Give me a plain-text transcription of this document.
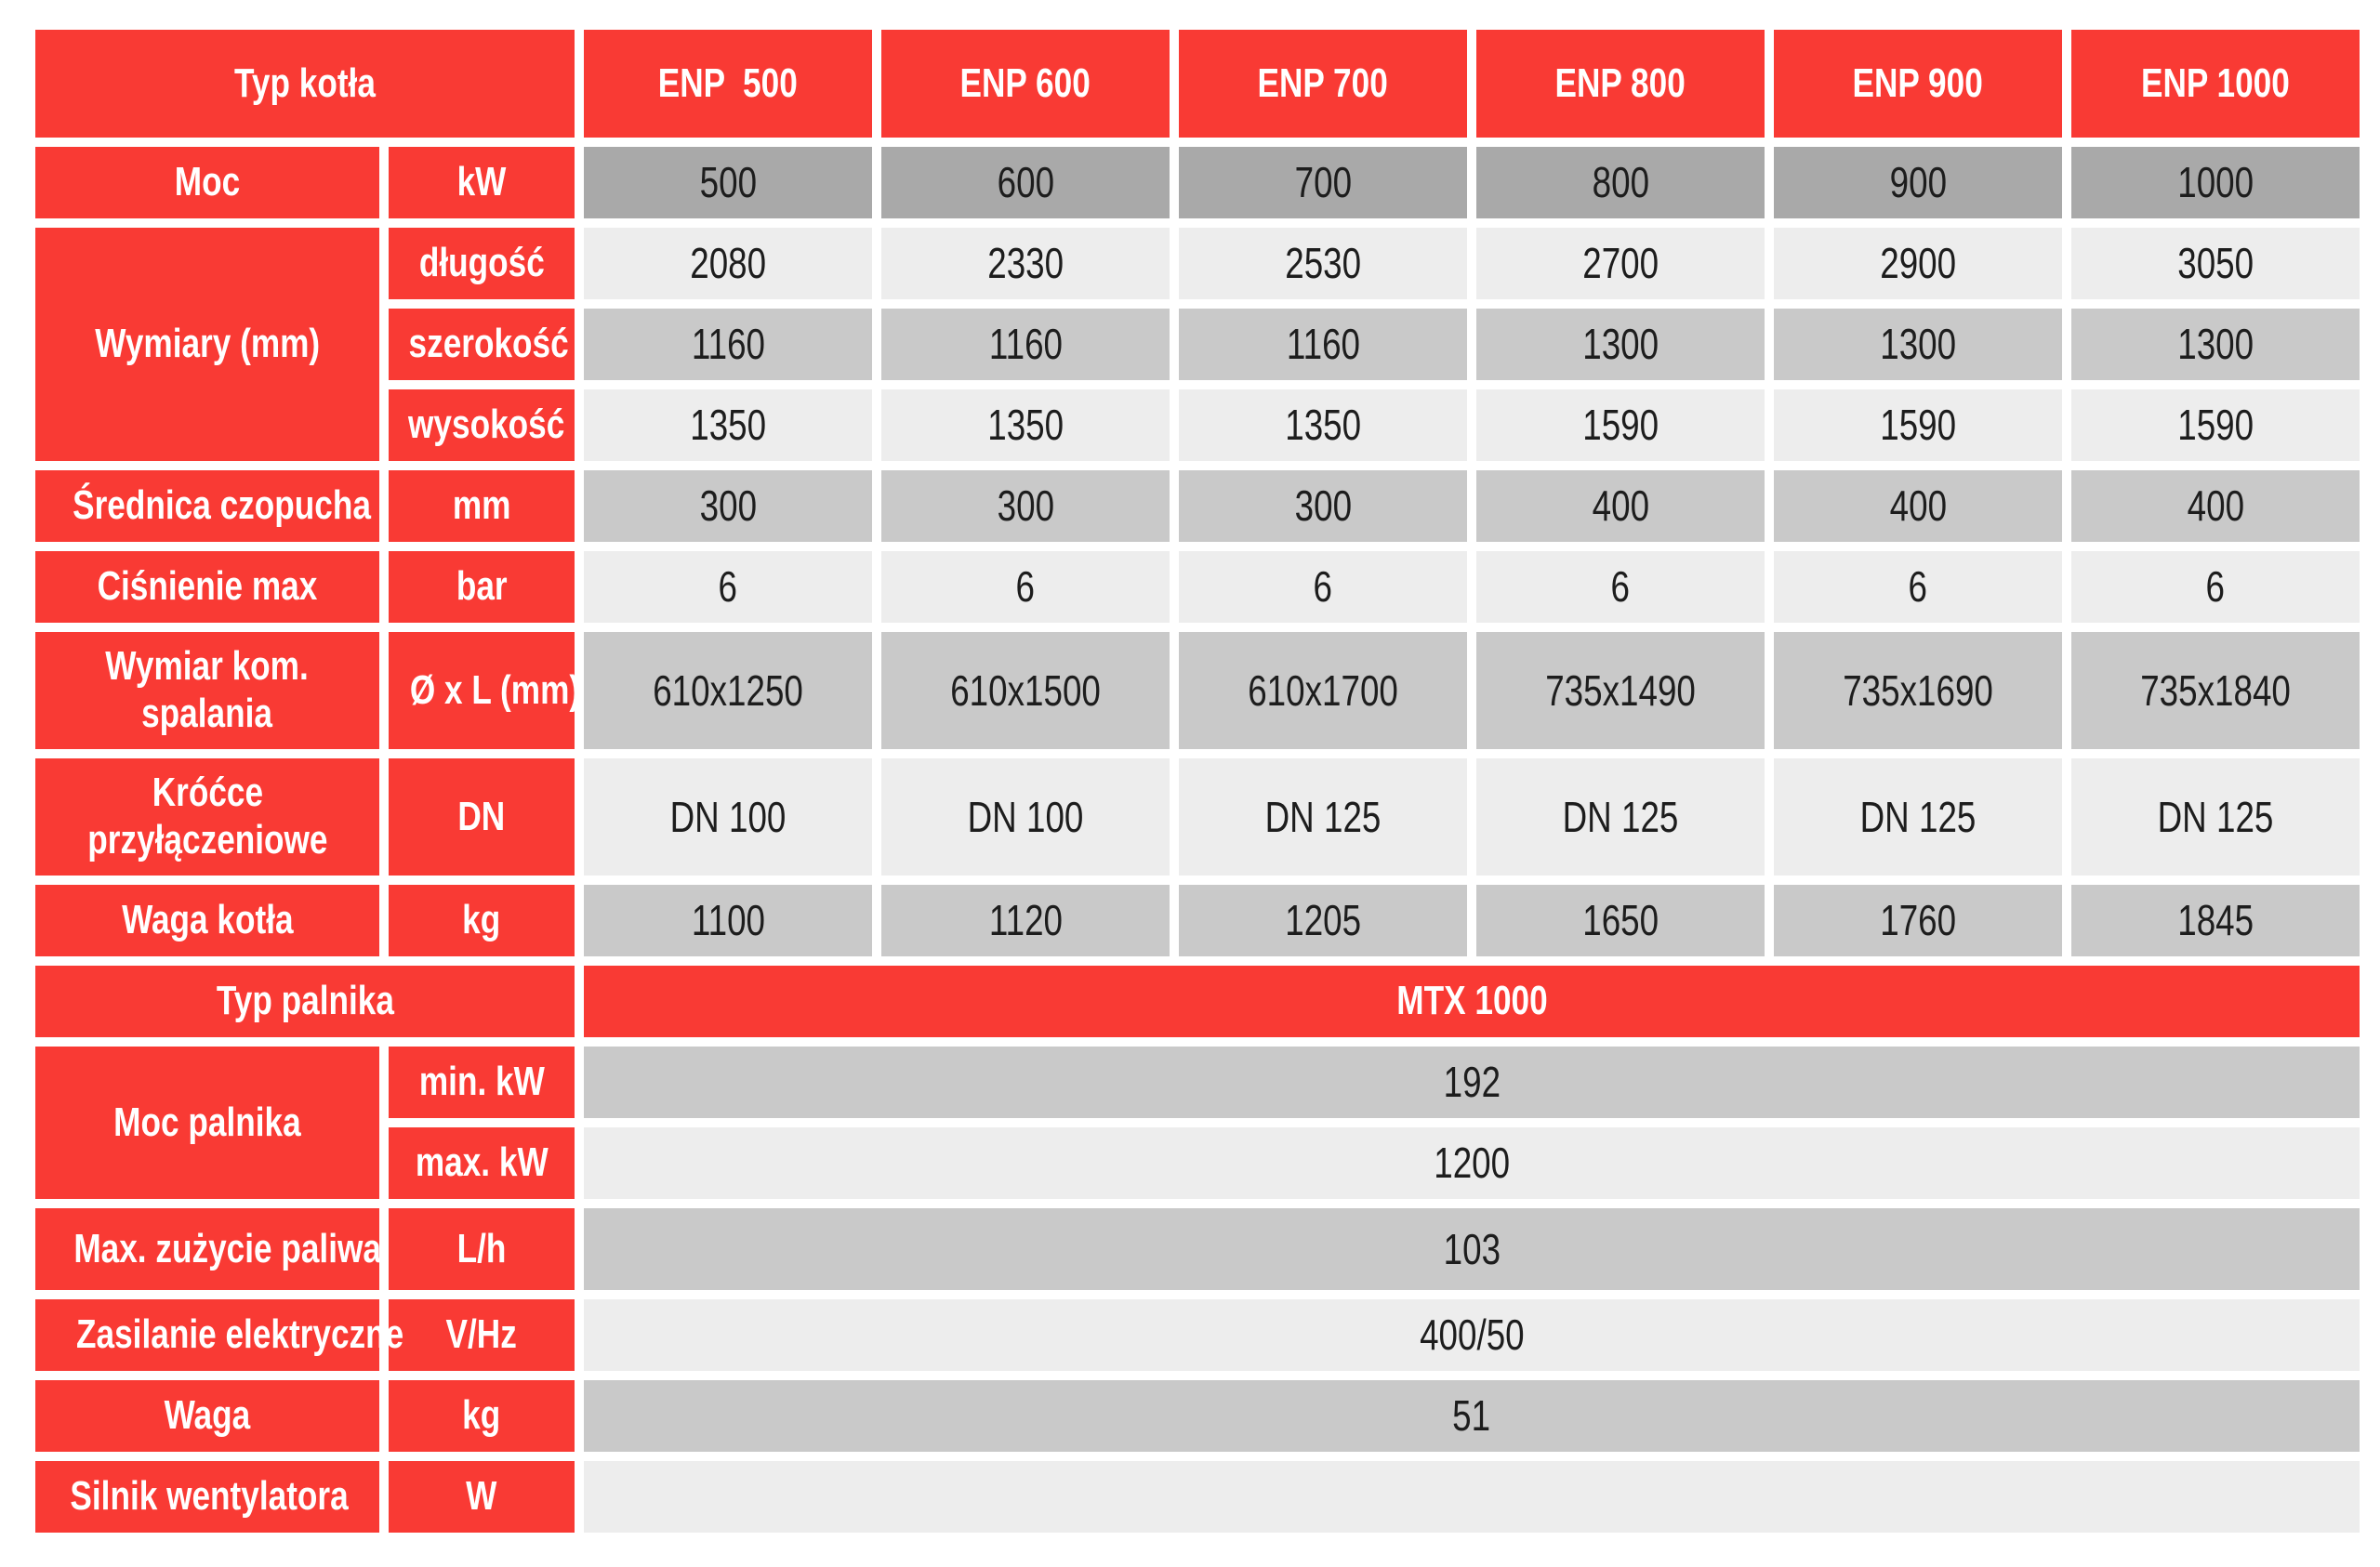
Typ kotła		ENP  500	ENP 600	ENP 700	ENP 800	ENP 900	ENP 1000
Moc	kW	500	600	700	800	900	1000
Wymiary (mm)	długość	2080	2330	2530	2700	2900	3050
	szerokość	1160	1160	1160	1300	1300	1300
	wysokość	1350	1350	1350	1590	1590	1590
Średnica czopucha	mm	300	300	300	400	400	400
Ciśnienie max	bar	6	6	6	6	6	6
Wymiar kom.
spalania	Ø x L (mm)	610x1250	610x1500	610x1700	735x1490	735x1690	735x1840
Króćce
przyłączeniowe	DN	DN 100	DN 100	DN 125	DN 125	DN 125	DN 125
Waga kotła	kg	1100	1120	1205	1650	1760	1845
Typ palnika		MTX 1000					
Moc palnika	min. kW	192					
	max. kW	1200					
Max. zużycie paliwa	L/h	103					
Zasilanie elektryczne	V/Hz	400/50					
Waga	kg	51					
Silnik wentylatora	W						
